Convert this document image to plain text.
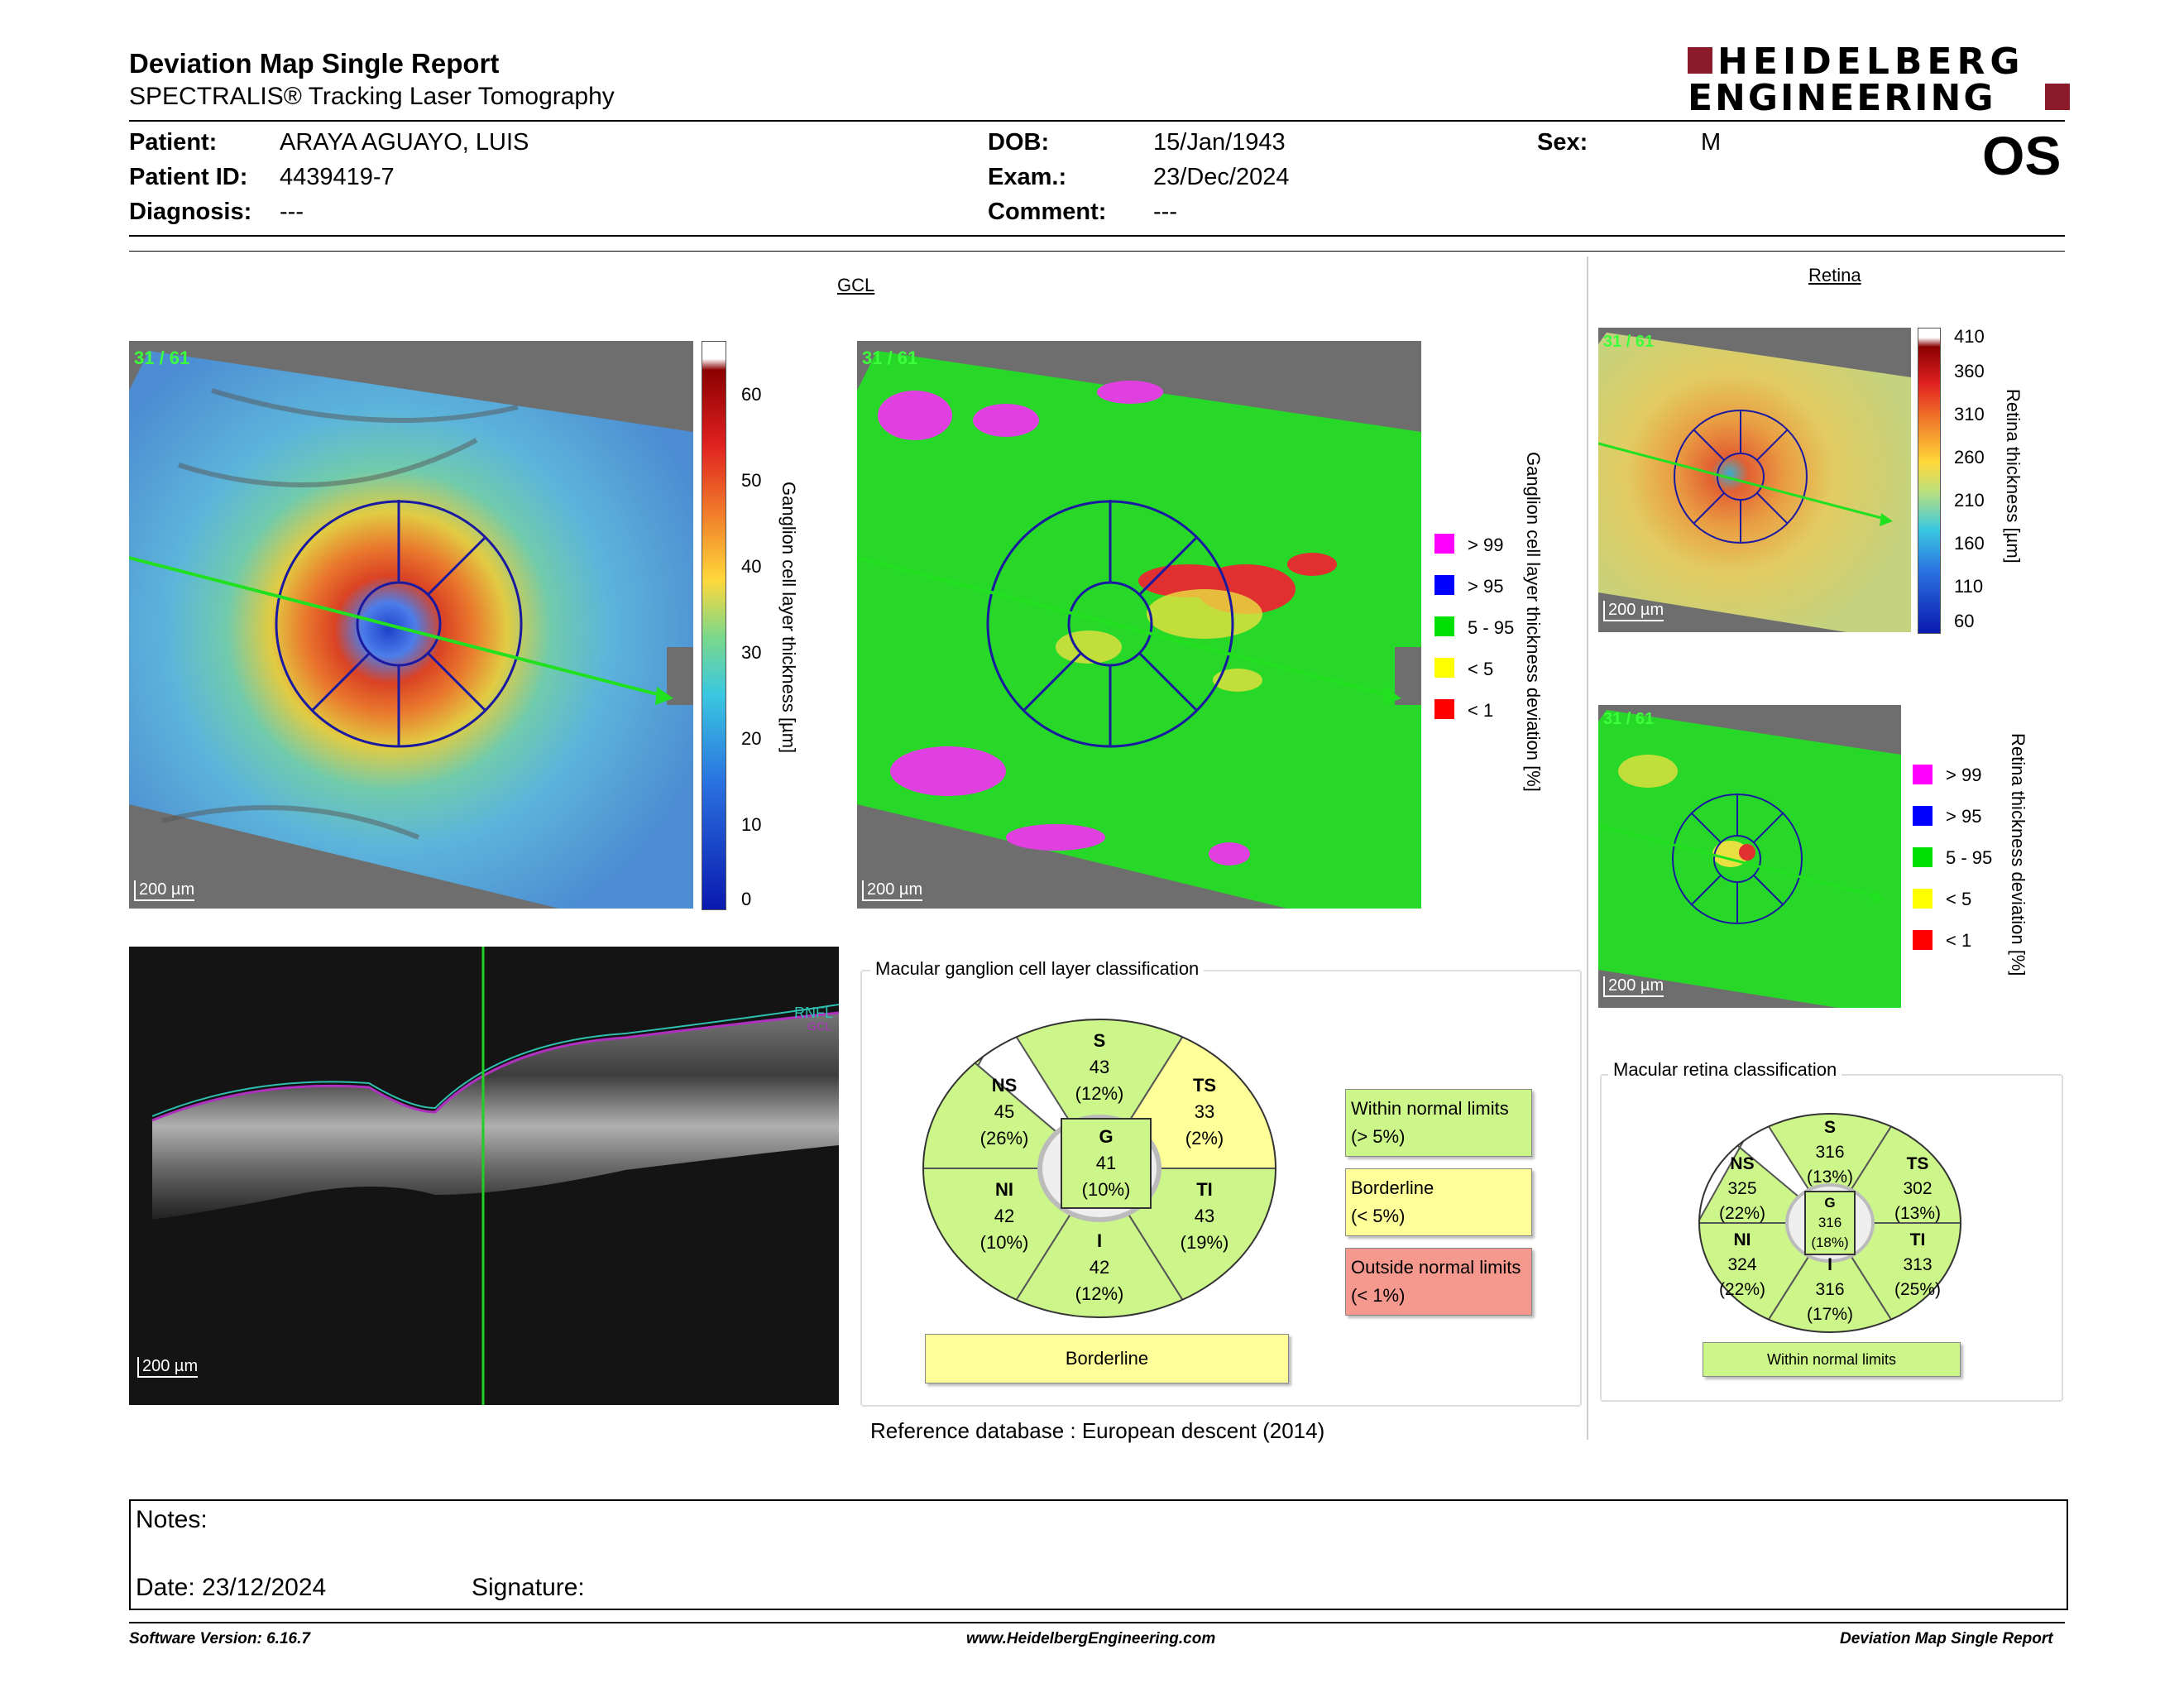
Deviation Map Single Report
SPECTRALIS® Tracking Laser Tomography
HEIDELBERG
ENGINEERING
Patient:	ARAYA AGUAYO, LUIS
Patient ID: 4439419-7
Diagnosis: ---
DOB:	15/Jan/1943
Exam.:	23/Dec/2024
Comment: ---
Sex:	M	OS
GCL
31 / 61
200 µm
60
50
40
30
20
10
0
Ganglion cell layer thickness [µm]
31 / 61
200 µm
Ganglion cell layer thickness deviation [%]
> 99
> 95
5 - 95
< 5
< 1
RNFL
GCL
200 µm
Macular ganglion cell layer classification
S
43
(12%)
NS
45
(26%)
TS
33
(2%)
G
41
(10%)
NI
42
(10%)
TI
43
(19%)
I
42
(12%)
Borderline
Within normal limits
(> 5%)
Borderline
(< 5%)
Outside normal limits
(< 1%)
Reference database : European descent (2014)
Retina
31 / 61
200 µm
410
360
310
260
210
160
110
60
Retina thickness [µm]
31 / 61
200 µm
Retina thickness deviation [%]
> 99
> 95
5 - 95
< 5
< 1
Macular retina classification
S
316
(13%)
NS
325
(22%)
TS
302
(13%)
G
316
(18%)
NI
324
(22%)
TI
313
(25%)
I
316
(17%)
Within normal limits
Notes:
Date: 23/12/2024	Signature:
Software Version: 6.16.7	www.HeidelbergEngineering.com	Deviation Map Single Report
